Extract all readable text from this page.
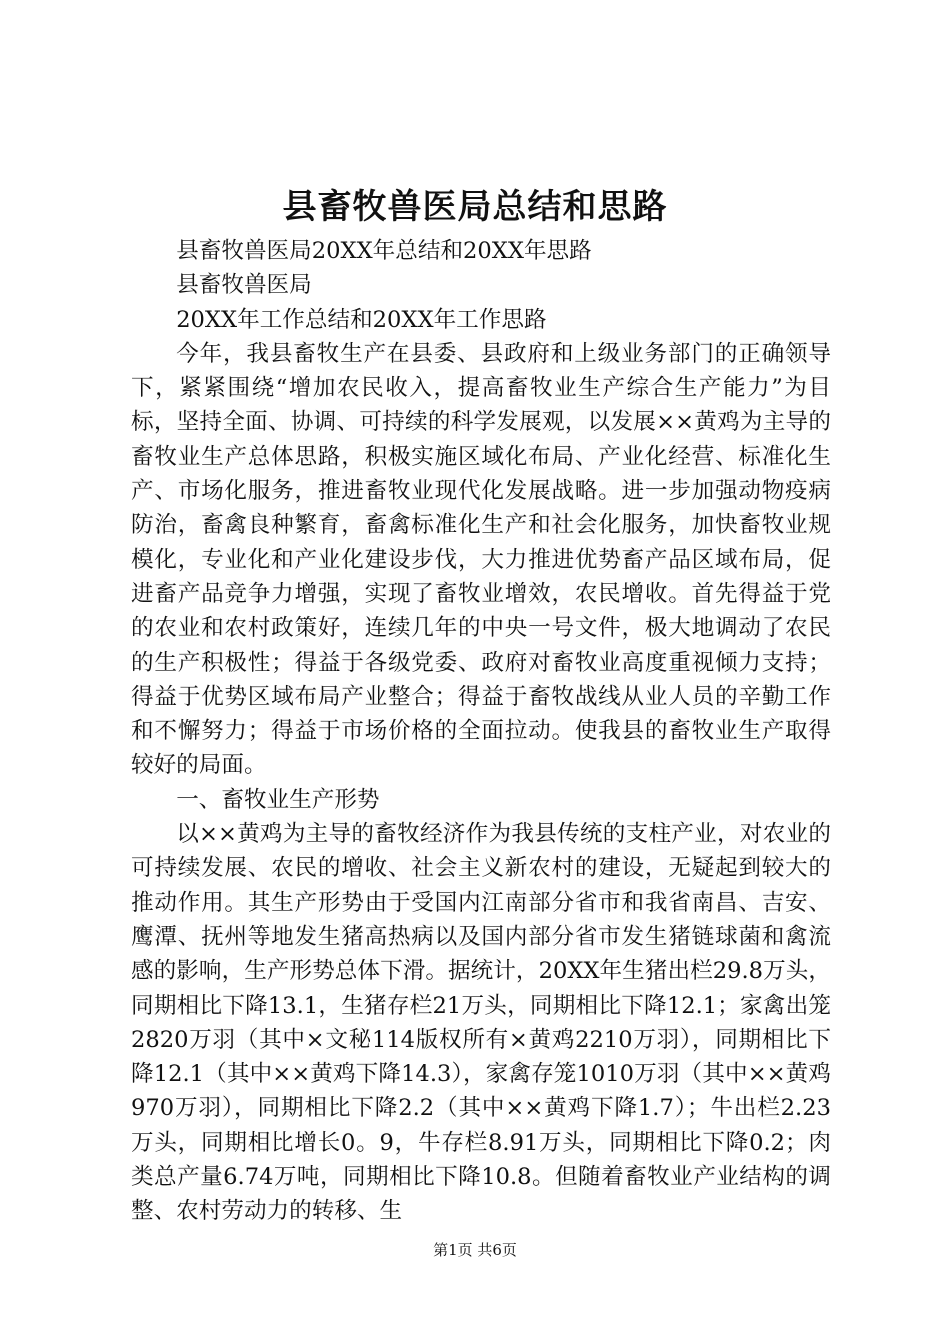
县畜牧兽医局总结和思路

县畜牧兽医局20XX年总结和20XX年思路

县畜牧兽医局

20XX年工作总结和20XX年工作思路

今年，我县畜牧生产在县委、县政府和上级业务部门的正确领导下，紧紧围绕“增加农民收入，提高畜牧业生产综合生产能力”为目标，坚持全面、协调、可持续的科学发展观，以发展××黄鸡为主导的畜牧业生产总体思路，积极实施区域化布局、产业化经营、标准化生产、市场化服务，推进畜牧业现代化发展战略。进一步加强动物疫病防治，畜禽良种繁育，畜禽标准化生产和社会化服务，加快畜牧业规模化，专业化和产业化建设步伐，大力推进优势畜产品区域布局，促进畜产品竞争力增强，实现了畜牧业增效，农民增收。首先得益于党的农业和农村政策好，连续几年的中央一号文件，极大地调动了农民的生产积极性；得益于各级党委、政府对畜牧业高度重视倾力支持；得益于优势区域布局产业整合；得益于畜牧战线从业人员的辛勤工作和不懈努力；得益于市场价格的全面拉动。使我县的畜牧业生产取得较好的局面。

一、畜牧业生产形势

以××黄鸡为主导的畜牧经济作为我县传统的支柱产业，对农业的可持续发展、农民的增收、社会主义新农村的建设，无疑起到较大的推动作用。其生产形势由于受国内江南部分省市和我省南昌、吉安、鹰潭、抚州等地发生猪高热病以及国内部分省市发生猪链球菌和禽流感的影响，生产形势总体下滑。据统计，20XX年生猪出栏29.8万头，同期相比下降13.1，生猪存栏21万头，同期相比下降12.1；家禽出笼2820万羽（其中×文秘114版权所有×黄鸡2210万羽），同期相比下降12.1（其中××黄鸡下降14.3），家禽存笼1010万羽（其中××黄鸡970万羽），同期相比下降2.2（其中××黄鸡下降1.7）；牛出栏2.23万头，同期相比增长0。9，牛存栏8.91万头，同期相比下降0.2；肉类总产量6.74万吨，同期相比下降10.8。但随着畜牧业产业结构的调整、农村劳动力的转移、生

第1页 共6页
